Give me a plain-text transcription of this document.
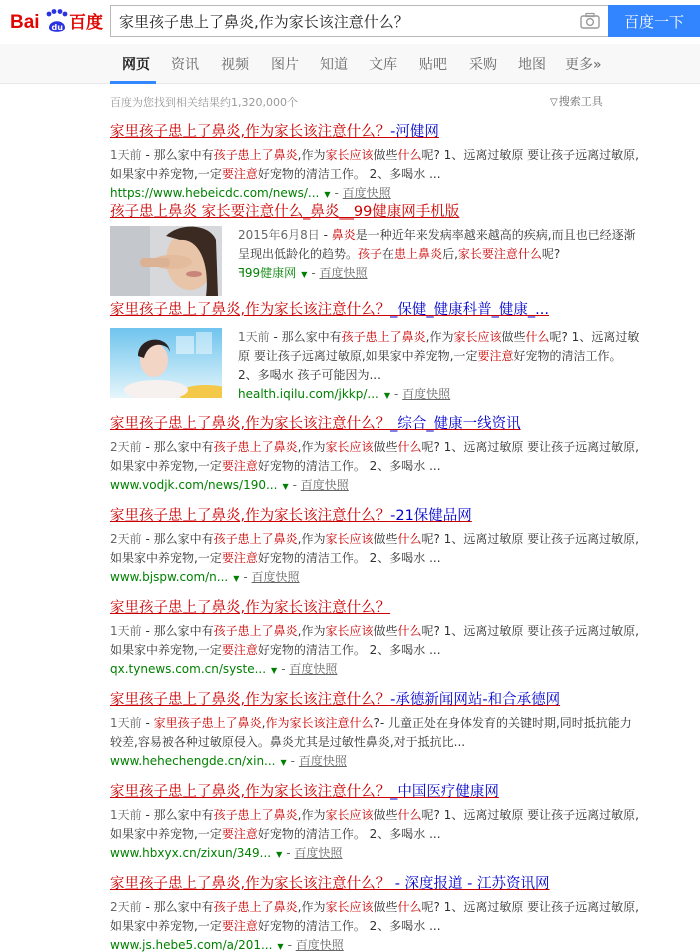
Bai du 百度
家里孩子患上了鼻炎,作为家长该注意什么？	百度一下
网页 资讯 视频 图片 知道 文库 贴吧 采购 地图 更多»
百度为您找到相关结果约1,320,000个	▽搜索工具
家里孩子患上了鼻炎,作为家长该注意什么？-河健网
1天前 - 那么家中有孩子患上了鼻炎,作为家长应该做些什么呢? 1、远离过敏原 要让孩子远离过敏原,如果家中养宠物,一定要注意好宠物的清洁工作。 2、多喝水 ...
https://www.hebeicdc.com/news/... ▼ - 百度快照
孩子患上鼻炎 家长要注意什么_鼻炎__99健康网手机版
2015年6月8日 - 鼻炎是一种近年来发病率越来越高的疾病,而且也已经逐渐呈现出低龄化的趋势。孩子在患上鼻炎后,家长要注意什么呢?
ꟻ99健康网 ▼ - 百度快照
家里孩子患上了鼻炎,作为家长该注意什么？_保健_健康科普_健康_...
1天前 - 那么家中有孩子患上了鼻炎,作为家长应该做些什么呢? 1、远离过敏原 要让孩子远离过敏原,如果家中养宠物,一定要注意好宠物的清洁工作。 2、多喝水 孩子可能因为...
health.iqilu.com/jkkp/... ▼ - 百度快照
家里孩子患上了鼻炎,作为家长该注意什么？_综合_健康一线资讯
2天前 - 那么家中有孩子患上了鼻炎,作为家长应该做些什么呢? 1、远离过敏原 要让孩子远离过敏原,如果家中养宠物,一定要注意好宠物的清洁工作。 2、多喝水 ...
www.vodjk.com/news/190... ▼ - 百度快照
家里孩子患上了鼻炎,作为家长该注意什么？-21保健品网
2天前 - 那么家中有孩子患上了鼻炎,作为家长应该做些什么呢? 1、远离过敏原 要让孩子远离过敏原,如果家中养宠物,一定要注意好宠物的清洁工作。 2、多喝水 ...
www.bjspw.com/n... ▼ - 百度快照
家里孩子患上了鼻炎,作为家长该注意什么？
1天前 - 那么家中有孩子患上了鼻炎,作为家长应该做些什么呢? 1、远离过敏原 要让孩子远离过敏原,如果家中养宠物,一定要注意好宠物的清洁工作。 2、多喝水 ...
qx.tynews.com.cn/syste... ▼ - 百度快照
家里孩子患上了鼻炎,作为家长该注意什么？-承德新闻网站-和合承德网
1天前 - 家里孩子患上了鼻炎,作为家长该注意什么?- 儿童正处在身体发育的关键时期,同时抵抗能力较差,容易被各种过敏原侵入。鼻炎尤其是过敏性鼻炎,对于抵抗比...
www.hehechengde.cn/xin... ▼ - 百度快照
家里孩子患上了鼻炎,作为家长该注意什么？_中国医疗健康网
1天前 - 那么家中有孩子患上了鼻炎,作为家长应该做些什么呢? 1、远离过敏原 要让孩子远离过敏原,如果家中养宠物,一定要注意好宠物的清洁工作。 2、多喝水 ...
www.hbxyx.cn/zixun/349... ▼ - 百度快照
家里孩子患上了鼻炎,作为家长该注意什么？ - 深度报道 - 江苏资讯网
2天前 - 那么家中有孩子患上了鼻炎,作为家长应该做些什么呢? 1、远离过敏原 要让孩子远离过敏原,如果家中养宠物,一定要注意好宠物的清洁工作。 2、多喝水 ...
www.js.hebe5.com/a/201... ▼ - 百度快照
